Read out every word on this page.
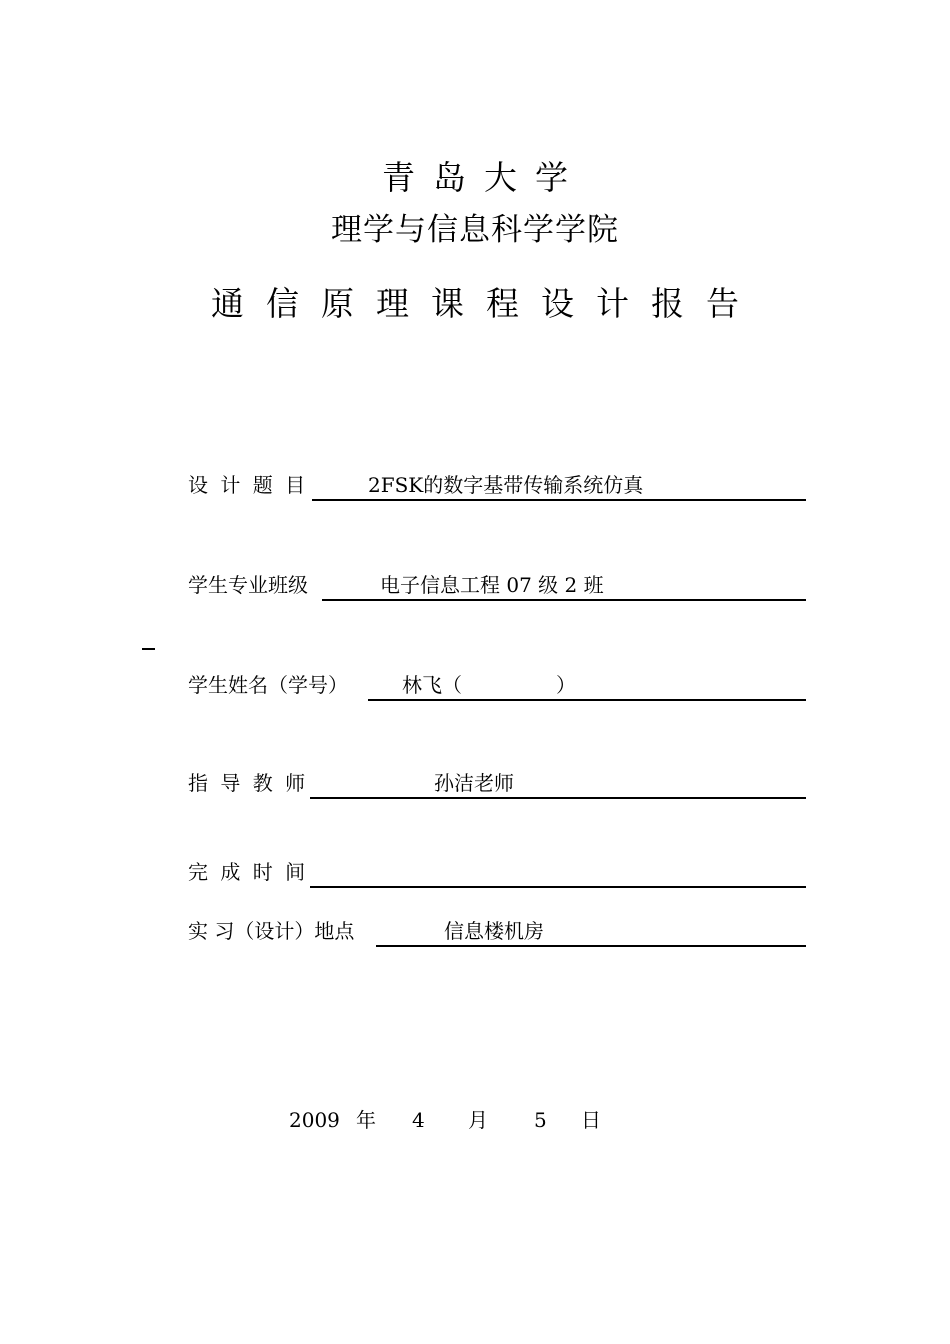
青岛大学
理学与信息科学学院
通信原理课程设计报告
设 计 题 目	2FSK的数字基带传输系统仿真
学生专业班级	电子信息工程 07 级 2 班
学生姓名（学号）	林飞（	）
指 导 教 师	孙洁老师
完 成 时 间
实 习（设计）地点	信息楼机房
2009 年 4 月 5 日
